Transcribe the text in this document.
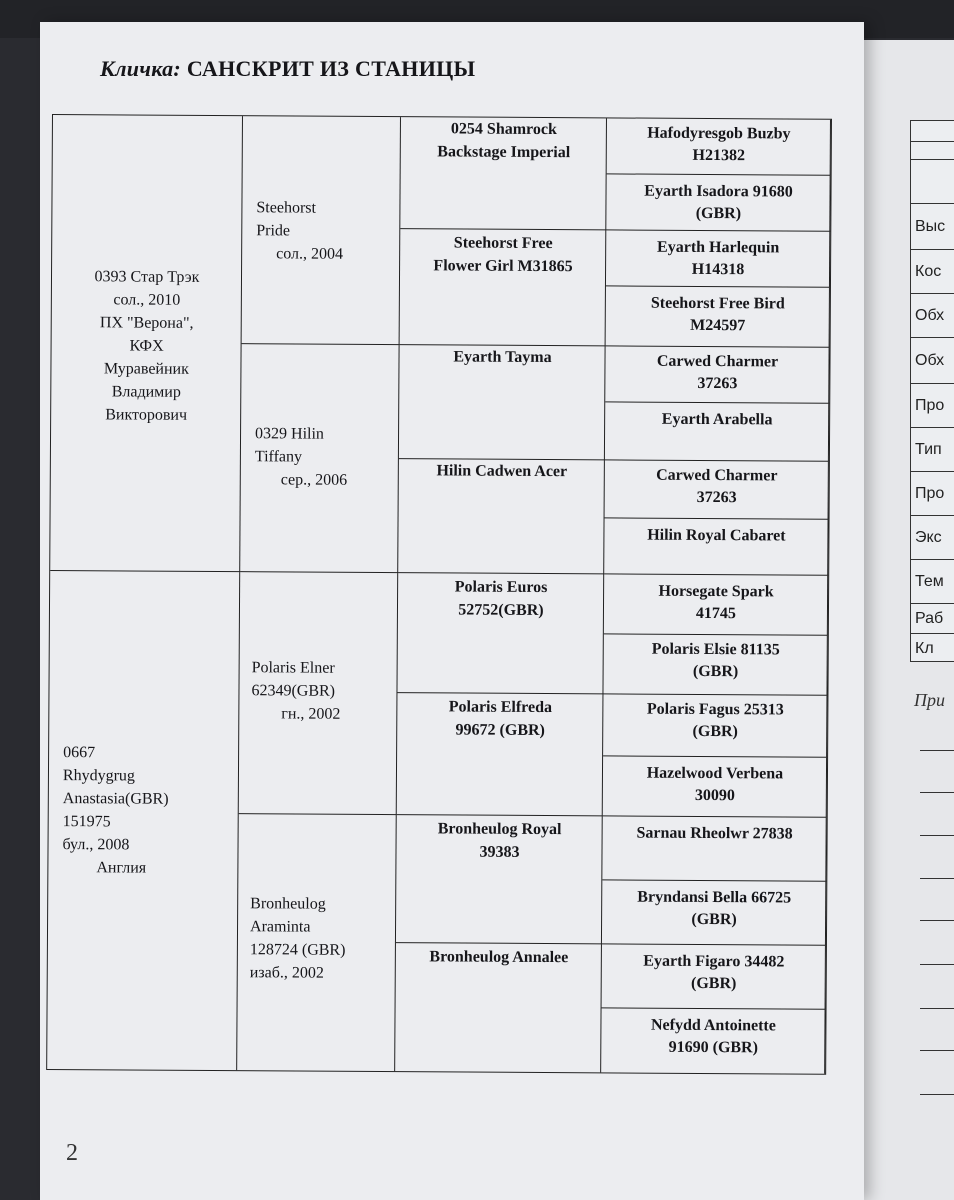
Выс
Кос
Обх
Обх
Про
Тип
Про
Экс
Тем
Раб
Кл
При
Кличка: САНСКРИТ ИЗ СТАНИЦЫ
0393 Стар Трэк
сол., 2010
ПХ "Верона",
КФХ
Муравейник
Владимир
Викторович
0667
Rhydygrug
Anastasia(GBR)
151975
бул., 2008
Англия
Steehorst
Pride
сол., 2004
0329 Hilin
Tiffany
сер., 2006
Polaris Elner
62349(GBR)
гн., 2002
Bronheulog
Araminta
128724 (GBR)
изаб., 2002
0254 Shamrock
Backstage Imperial
Steehorst Free
Flower Girl M31865
Eyarth Tayma
Hilin Cadwen Acer
Polaris Euros
52752(GBR)
Polaris Elfreda
99672 (GBR)
Bronheulog Royal
39383
Bronheulog Annalee
Hafodyresgob Buzby
H21382
Eyarth Isadora 91680
(GBR)
Eyarth Harlequin
H14318
Steehorst Free Bird
M24597
Carwed Charmer
37263
Eyarth Arabella
Carwed Charmer
37263
Hilin Royal Cabaret
Horsegate Spark
41745
Polaris Elsie 81135
(GBR)
Polaris Fagus 25313
(GBR)
Hazelwood Verbena
30090
Sarnau Rheolwr 27838
Bryndansi Bella 66725
(GBR)
Eyarth Figaro 34482
(GBR)
Nefydd Antoinette
91690 (GBR)
2
